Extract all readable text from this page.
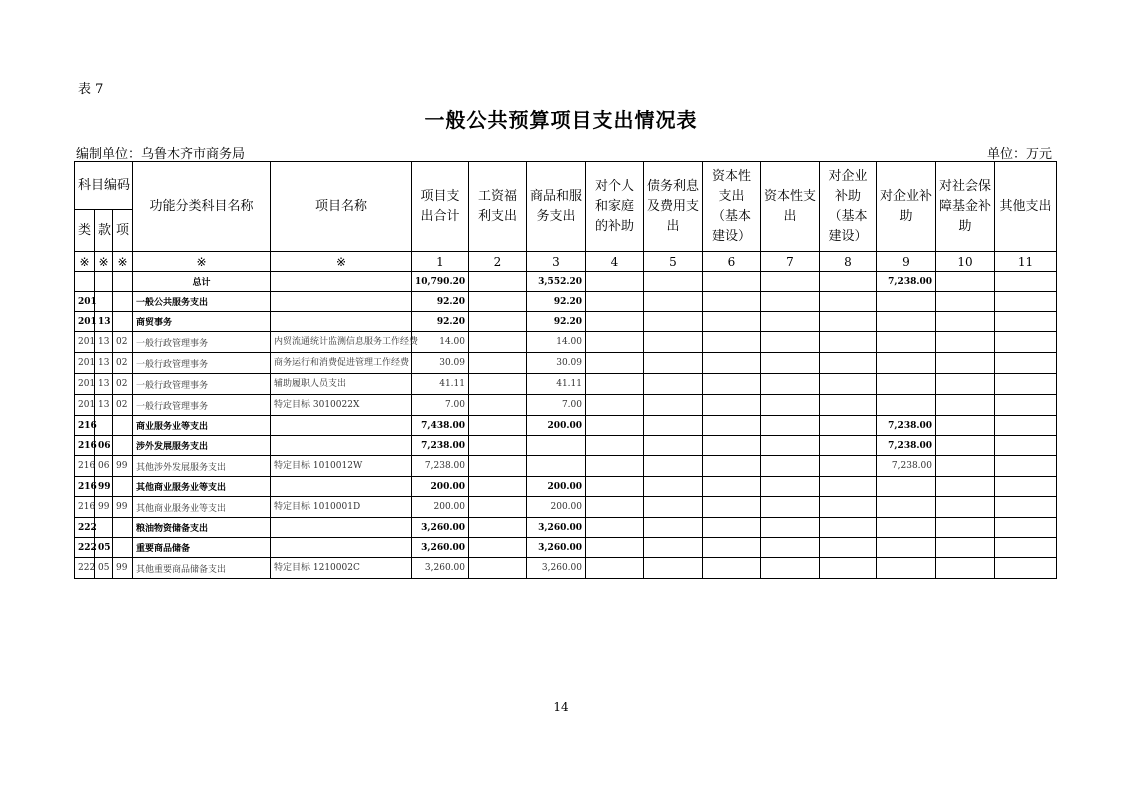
表 7
一般公共预算项目支出情况表
编制单位：乌鲁木齐市商务局	单位：万元
科目编码			功能分类科目名称	项目名称	项目支出合计	工资福利支出	商品和服务支出	对个人和家庭的补助	债务利息及费用支出	资本性支出（基本建设）	资本性支出	对企业补助（基本建设）	对企业补助	对社会保障基金补助	其他支出
类	款	项													
※	※	※	※	※	1	2	3	4	5	6	7	8	9	10	11
			总计		10,790.20		3,552.20						7,238.00		
201			一般公共服务支出		92.20		92.20								
201	13		商贸事务		92.20		92.20								
201	13	02	一般行政管理事务	内贸流通统计监测信息服务工作经费	14.00		14.00								
201	13	02	一般行政管理事务	商务运行和消费促进管理工作经费	30.09		30.09								
201	13	02	一般行政管理事务	辅助履职人员支出	41.11		41.11								
201	13	02	一般行政管理事务	特定目标 3010022X	7.00		7.00								
216			商业服务业等支出		7,438.00		200.00						7,238.00		
216	06		涉外发展服务支出		7,238.00								7,238.00		
216	06	99	其他涉外发展服务支出	特定目标 1010012W	7,238.00								7,238.00		
216	99		其他商业服务业等支出		200.00		200.00								
216	99	99	其他商业服务业等支出	特定目标 1010001D	200.00		200.00								
222			粮油物资储备支出		3,260.00		3,260.00								
222	05		重要商品储备		3,260.00		3,260.00								
222	05	99	其他重要商品储备支出	特定目标 1210002C	3,260.00		3,260.00								
14
